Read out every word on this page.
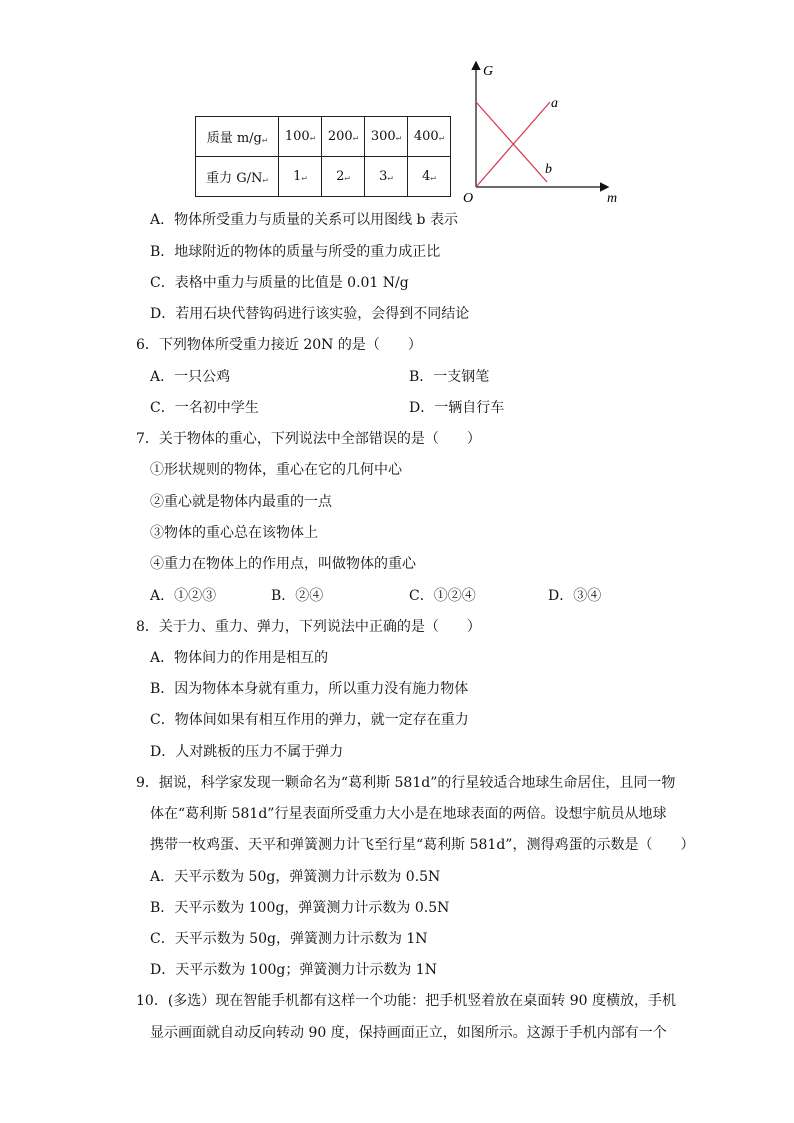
质量 m/g↵	100↵	200↵	300↵	400↵
重力 G/N↵	1↵	2↵	3↵	4↵
G
m
O
a
b
A．物体所受重力与质量的关系可以用图线 b 表示
B．地球附近的物体的质量与所受的重力成正比
C．表格中重力与质量的比值是 0.01 N/g
D．若用石块代替钩码进行该实验，会得到不同结论
6．下列物体所受重力接近 20N 的是（　　）
A．一只公鸡	B．一支钢笔
C．一名初中学生	D．一辆自行车
7．关于物体的重心，下列说法中全部错误的是（　　）
①形状规则的物体，重心在它的几何中心
②重心就是物体内最重的一点
③物体的重心总在该物体上
④重力在物体上的作用点，叫做物体的重心
A．①②③	B．②④	C．①②④	D．③④
8．关于力、重力、弹力，下列说法中正确的是（　　）
A．物体间力的作用是相互的
B．因为物体本身就有重力，所以重力没有施力物体
C．物体间如果有相互作用的弹力，就一定存在重力
D．人对跳板的压力不属于弹力
9．据说，科学家发现一颗命名为“葛利斯 581d”的行星较适合地球生命居住，且同一物
体在“葛利斯 581d”行星表面所受重力大小是在地球表面的两倍。设想宇航员从地球
携带一枚鸡蛋、天平和弹簧测力计飞至行星“葛利斯 581d”，测得鸡蛋的示数是（　　）
A．天平示数为 50g，弹簧测力计示数为 0.5N
B．天平示数为 100g，弹簧测力计示数为 0.5N
C．天平示数为 50g，弹簧测力计示数为 1N
D．天平示数为 100g；弹簧测力计示数为 1N
10．(多选）现在智能手机都有这样一个功能：把手机竖着放在桌面转 90 度横放，手机
显示画面就自动反向转动 90 度，保持画面正立，如图所示。这源于手机内部有一个
